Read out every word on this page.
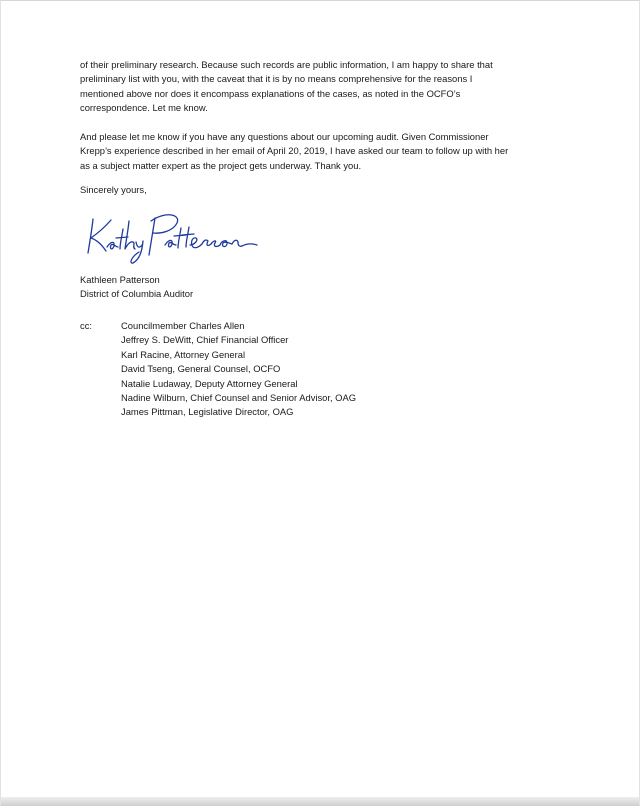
of their preliminary research. Because such records are public information, I am happy to share that
preliminary list with you, with the caveat that it is by no means comprehensive for the reasons I
mentioned above nor does it encompass explanations of the cases, as noted in the OCFO’s
correspondence. Let me know.

And please let me know if you have any questions about our upcoming audit. Given Commissioner
Krepp’s experience described in her email of April 20, 2019, I have asked our team to follow up with her
as a subject matter expert as the project gets underway. Thank you.

Sincerely yours,

Kathleen Patterson
District of Columbia Auditor

cc:	Councilmember Charles Allen
Jeffrey S. DeWitt, Chief Financial Officer
Karl Racine, Attorney General
David Tseng, General Counsel, OCFO
Natalie Ludaway, Deputy Attorney General
Nadine Wilburn, Chief Counsel and Senior Advisor, OAG
James Pittman, Legislative Director, OAG
